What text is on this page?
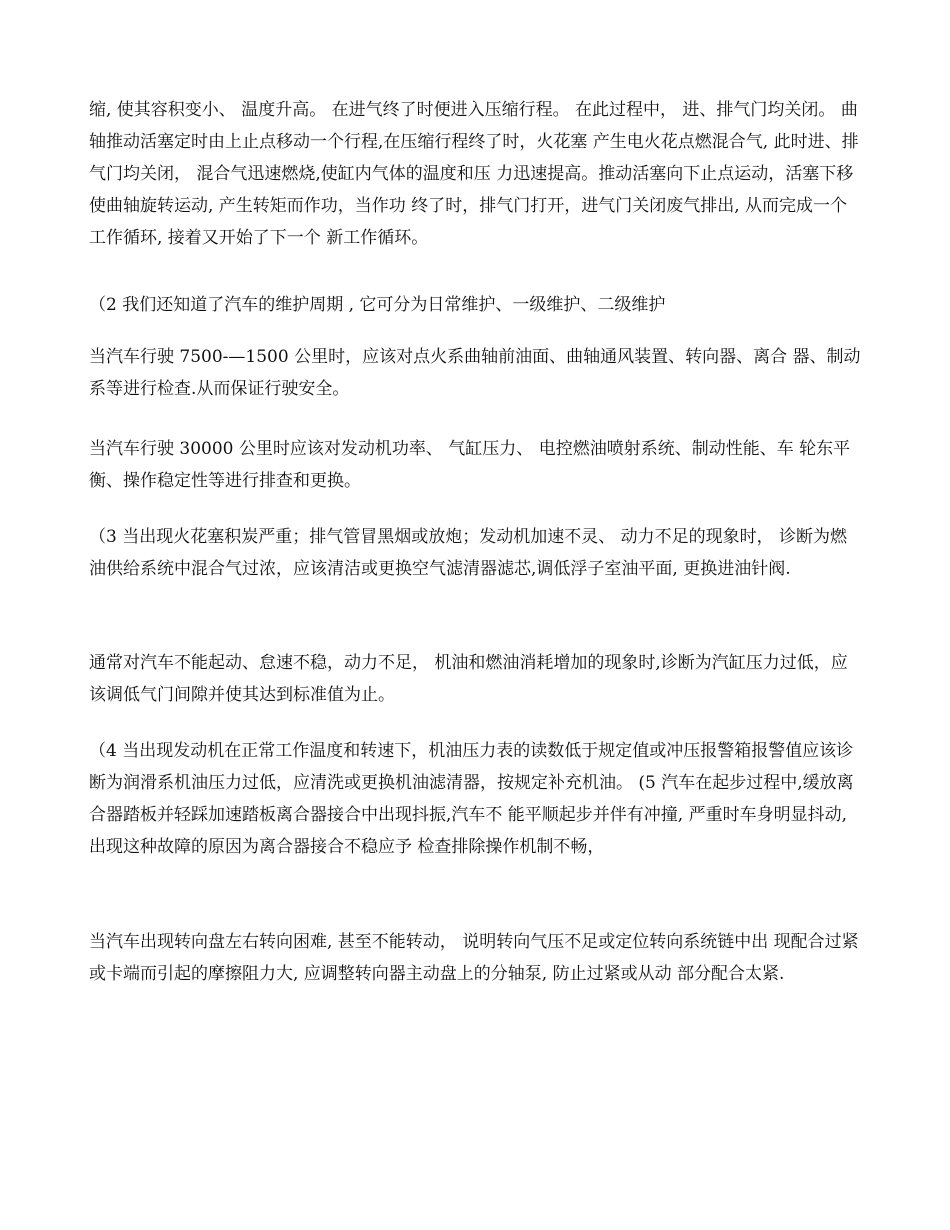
缩, 使其容积变小、 温度升高。 在进气终了时便进入压缩行程。 在此过程中， 进、排气门均关闭。 曲轴推动活塞定时由上止点移动一个行程,在压缩行程终了时，火花塞 产生电火花点燃混合气, 此时进、排气门均关闭， 混合气迅速燃烧,使缸内气体的温度和压 力迅速提高。推动活塞向下止点运动，活塞下移使曲轴旋转运动, 产生转矩而作功，当作功 终了时，排气门打开，进气门关闭废气排出, 从而完成一个工作循环, 接着又开始了下一个 新工作循环。

（2 我们还知道了汽车的维护周期 , 它可分为日常维护、一级维护、二级维护

当汽车行驶 7500-—1500 公里时，应该对点火系曲轴前油面、曲轴通风装置、转向器、离合 器、制动系等进行检查.从而保证行驶安全。

当汽车行驶 30000 公里时应该对发动机功率、 气缸压力、 电控燃油喷射系统、制动性能、车 轮东平衡、操作稳定性等进行排查和更换。

（3 当出现火花塞积炭严重；排气管冒黑烟或放炮；发动机加速不灵、 动力不足的现象时， 诊断为燃油供给系统中混合气过浓，应该清洁或更换空气滤清器滤芯,调低浮子室油平面, 更换进油针阀.

通常对汽车不能起动、怠速不稳，动力不足， 机油和燃油消耗增加的现象时,诊断为汽缸压力过低，应该调低气门间隙并使其达到标准值为止。

（4 当出现发动机在正常工作温度和转速下，机油压力表的读数低于规定值或冲压报警箱报警值应该诊断为润滑系机油压力过低，应清洗或更换机油滤清器，按规定补充机油。 (5 汽车在起步过程中,缓放离合器踏板并轻踩加速踏板离合器接合中出现抖振,汽车不 能平顺起步并伴有冲撞, 严重时车身明显抖动, 出现这种故障的原因为离合器接合不稳应予 检查排除操作机制不畅，

当汽车出现转向盘左右转向困难, 甚至不能转动， 说明转向气压不足或定位转向系统链中出 现配合过紧或卡端而引起的摩擦阻力大, 应调整转向器主动盘上的分轴泵, 防止过紧或从动 部分配合太紧.
